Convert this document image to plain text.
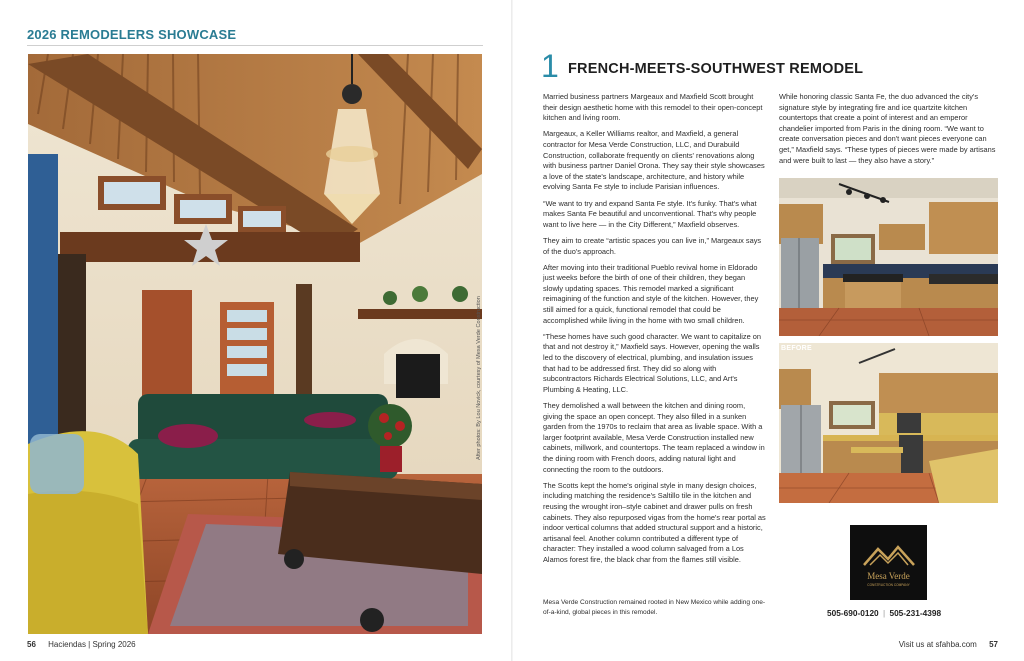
2026 REMODELERS SHOWCASE
After photos: By Lou Novick, courtesy of Mesa Verde Construction
1 FRENCH-MEETS-SOUTHWEST REMODEL

Married business partners Margeaux and Maxfield Scott brought their design aesthetic home with this remodel to their open-concept kitchen and living room.

Margeaux, a Keller Williams realtor, and Maxfield, a general contractor for Mesa Verde Construction, LLC, and Durabuild Construction, collaborate frequently on clients' renovations along with business partner Daniel Orona. They say their style showcases a love of the state's landscape, architecture, and history while evolving Santa Fe style to include Parisian influences.

“We want to try and expand Santa Fe style. It's funky. That's what makes Santa Fe beautiful and unconventional. That's why people want to live here — in the City Different,” Maxfield observes.

They aim to create “artistic spaces you can live in,” Margeaux says of the duo's approach.

After moving into their traditional Pueblo revival home in Eldorado just weeks before the birth of one of their children, they began slowly updating spaces. This remodel marked a significant reimagining of the function and style of the kitchen. However, they still aimed for a quick, functional remodel that could be accomplished while living in the home with two small children.

“These homes have such good character. We want to capitalize on that and not destroy it,” Maxfield says. However, opening the walls led to the discovery of electrical, plumbing, and insulation issues that had to be addressed first. They did so along with subcontractors Richards Electrical Solutions, LLC, and Art's Plumbing & Heating, LLC.

They demolished a wall between the kitchen and dining room, giving the space an open concept. They also filled in a sunken garden from the 1970s to reclaim that area as livable space. With a larger footprint available, Mesa Verde Construction installed new cabinets, millwork, and countertops. The team replaced a window in the dining room with French doors, adding natural light and connecting the room to the outdoors.

The Scotts kept the home's original style in many design choices, including matching the residence's Saltillo tile in the kitchen and reusing the wrought iron–style cabinet and drawer pulls on fresh cabinets. They also repurposed vigas from the home's rear portal as indoor vertical columns that added structural support and a historic, artisanal feel. Another column contributed a different type of character: They installed a wood column salvaged from a Los Alamos forest fire, the black char from the flames still visible.

While honoring classic Santa Fe, the duo advanced the city's signature style by integrating fire and ice quartzite kitchen countertops that create a point of interest and an emperor chandelier imported from Paris in the dining room. “We want to create conversation pieces and don't want pieces everyone can get,” Maxfield says. “These types of pieces were made by artisans and were built to last — they also have a story.”

Mesa Verde Construction remained rooted in New Mexico while adding one-of-a-kind, global pieces in this remodel.
BEFORE
Mesa Verde
CONSTRUCTION COMPANY
505-690-0120 | 505-231-4398
56 Haciendas | Spring 2026	Visit us at sfahba.com 57
